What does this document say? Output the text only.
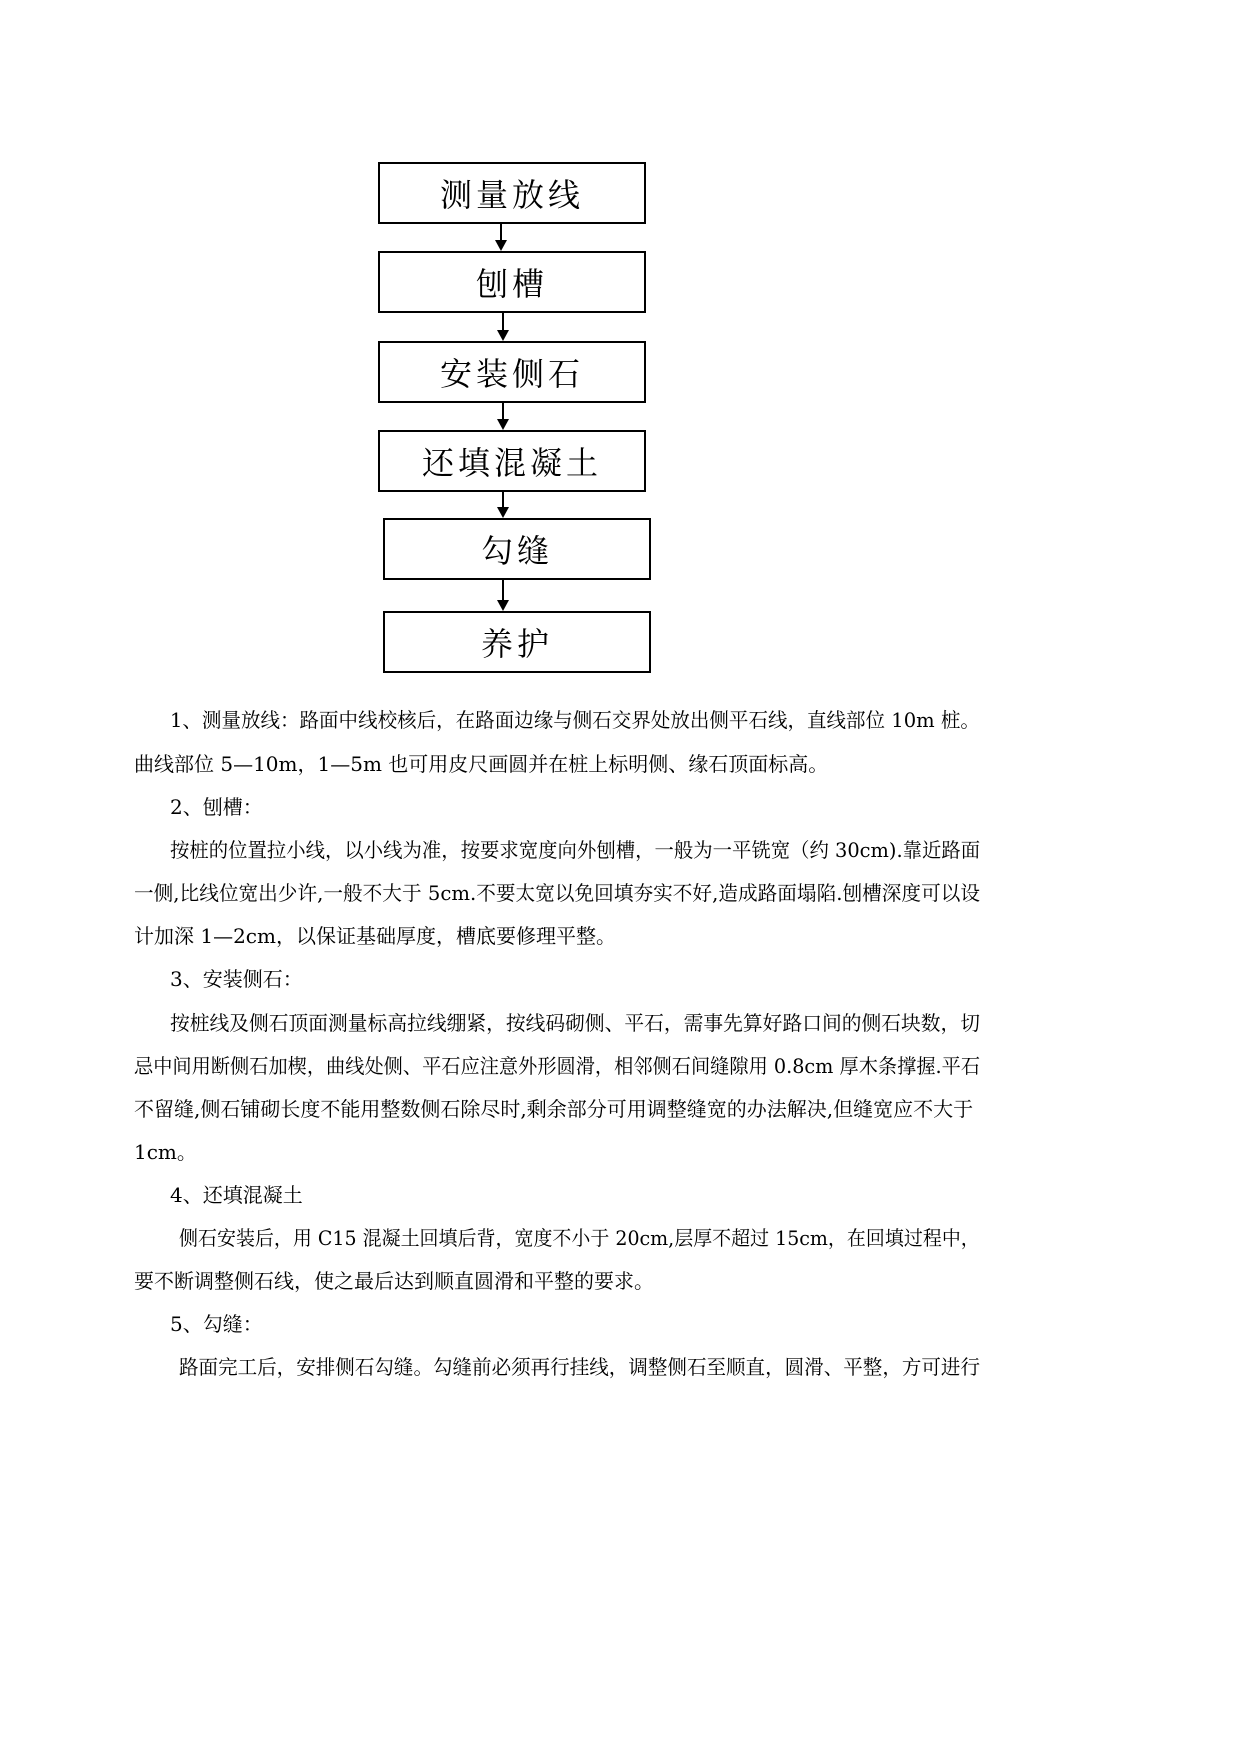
测量放线
刨槽
安装侧石
还填混凝土
勾缝
养护
1、测量放线：路面中线校核后，在路面边缘与侧石交界处放出侧平石线，直线部位 10m 桩。
曲线部位 5—10m，1—5m 也可用皮尺画圆并在桩上标明侧、缘石顶面标高。
2、刨槽：
按桩的位置拉小线，以小线为准，按要求宽度向外刨槽，一般为一平铣宽（约 30cm).靠近路面
一侧,比线位宽出少许,一般不大于 5cm.不要太宽以免回填夯实不好,造成路面塌陷.刨槽深度可以设
计加深 1—2cm，以保证基础厚度，槽底要修理平整。
3、安装侧石：
按桩线及侧石顶面测量标高拉线绷紧，按线码砌侧、平石，需事先算好路口间的侧石块数，切
忌中间用断侧石加楔，曲线处侧、平石应注意外形圆滑，相邻侧石间缝隙用 0.8cm 厚木条撑握.平石
不留缝,侧石铺砌长度不能用整数侧石除尽时,剩余部分可用调整缝宽的办法解决,但缝宽应不大于
1cm。
4、还填混凝土
侧石安装后，用 C15 混凝土回填后背，宽度不小于 20cm,层厚不超过 15cm，在回填过程中，
要不断调整侧石线，使之最后达到顺直圆滑和平整的要求。
5、勾缝：
路面完工后，安排侧石勾缝。勾缝前必须再行挂线，调整侧石至顺直，圆滑、平整，方可进行
